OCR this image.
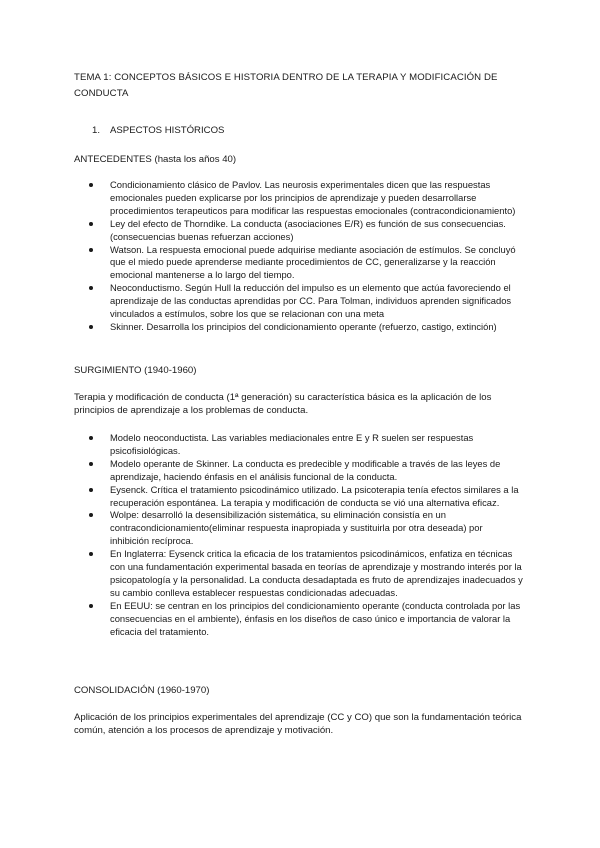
TEMA 1: CONCEPTOS BÁSICOS E HISTORIA DENTRO DE LA TERAPIA Y MODIFICACIÓN DE CONDUCTA
1. ASPECTOS HISTÓRICOS
ANTECEDENTES (hasta los años 40)
Condicionamiento clásico de Pavlov. Las neurosis experimentales dicen que las respuestas emocionales pueden explicarse por los principios de aprendizaje y pueden desarrollarse procedimientos terapeuticos para modificar las respuestas emocionales (contracondicionamiento)
Ley del efecto de Thorndike. La conducta (asociaciones E/R) es función de sus consecuencias. (consecuencias buenas refuerzan acciones)
Watson. La respuesta emocional puede adquirise mediante asociación de estímulos. Se concluyó que el miedo puede aprenderse mediante procedimientos de CC, generalizarse y la reacción emocional mantenerse a lo largo del tiempo.
Neoconductismo. Según Hull la reducción del impulso es un elemento que actúa favoreciendo el aprendizaje de las conductas aprendidas por CC. Para Tolman, individuos aprenden significados vinculados a estímulos, sobre los que se relacionan con una meta
Skinner. Desarrolla los principios del condicionamiento operante (refuerzo, castigo, extinción)
SURGIMIENTO (1940-1960)
Terapia y modificación de conducta (1ª generación) su característica básica es la aplicación de los principios de aprendizaje a los problemas de conducta.
Modelo neoconductista. Las variables mediacionales entre E y R suelen ser respuestas psicofisiológicas.
Modelo operante de Skinner. La conducta es predecible y modificable a través de las leyes de aprendizaje, haciendo énfasis en el análisis funcional de la conducta.
Eysenck. Crítica el tratamiento psicodinámico utilizado. La psicoterapia tenía efectos similares a la recuperación espontánea. La terapia y modificación de conducta se vió una alternativa eficaz.
Wolpe: desarrolló la desensibilización sistemática, su eliminación consistía en un contracondicionamiento(eliminar respuesta inapropiada y sustituirla por otra deseada) por inhibición recíproca.
En Inglaterra: Eysenck critica la eficacia de los tratamientos psicodinámicos, enfatiza en técnicas con una fundamentación experimental basada en teorías de aprendizaje y mostrando interés por la psicopatología y la personalidad. La conducta desadaptada es fruto de aprendizajes inadecuados y su cambio conlleva establecer respuestas condicionadas adecuadas.
En EEUU: se centran en los principios del condicionamiento operante (conducta controlada por las consecuencias en el ambiente), énfasis en los diseños de caso único e importancia de valorar la eficacia del tratamiento.
CONSOLIDACIÓN (1960-1970)
Aplicación de los principios experimentales del aprendizaje (CC y CO) que son la fundamentación teórica común, atención a los procesos de aprendizaje y motivación.
